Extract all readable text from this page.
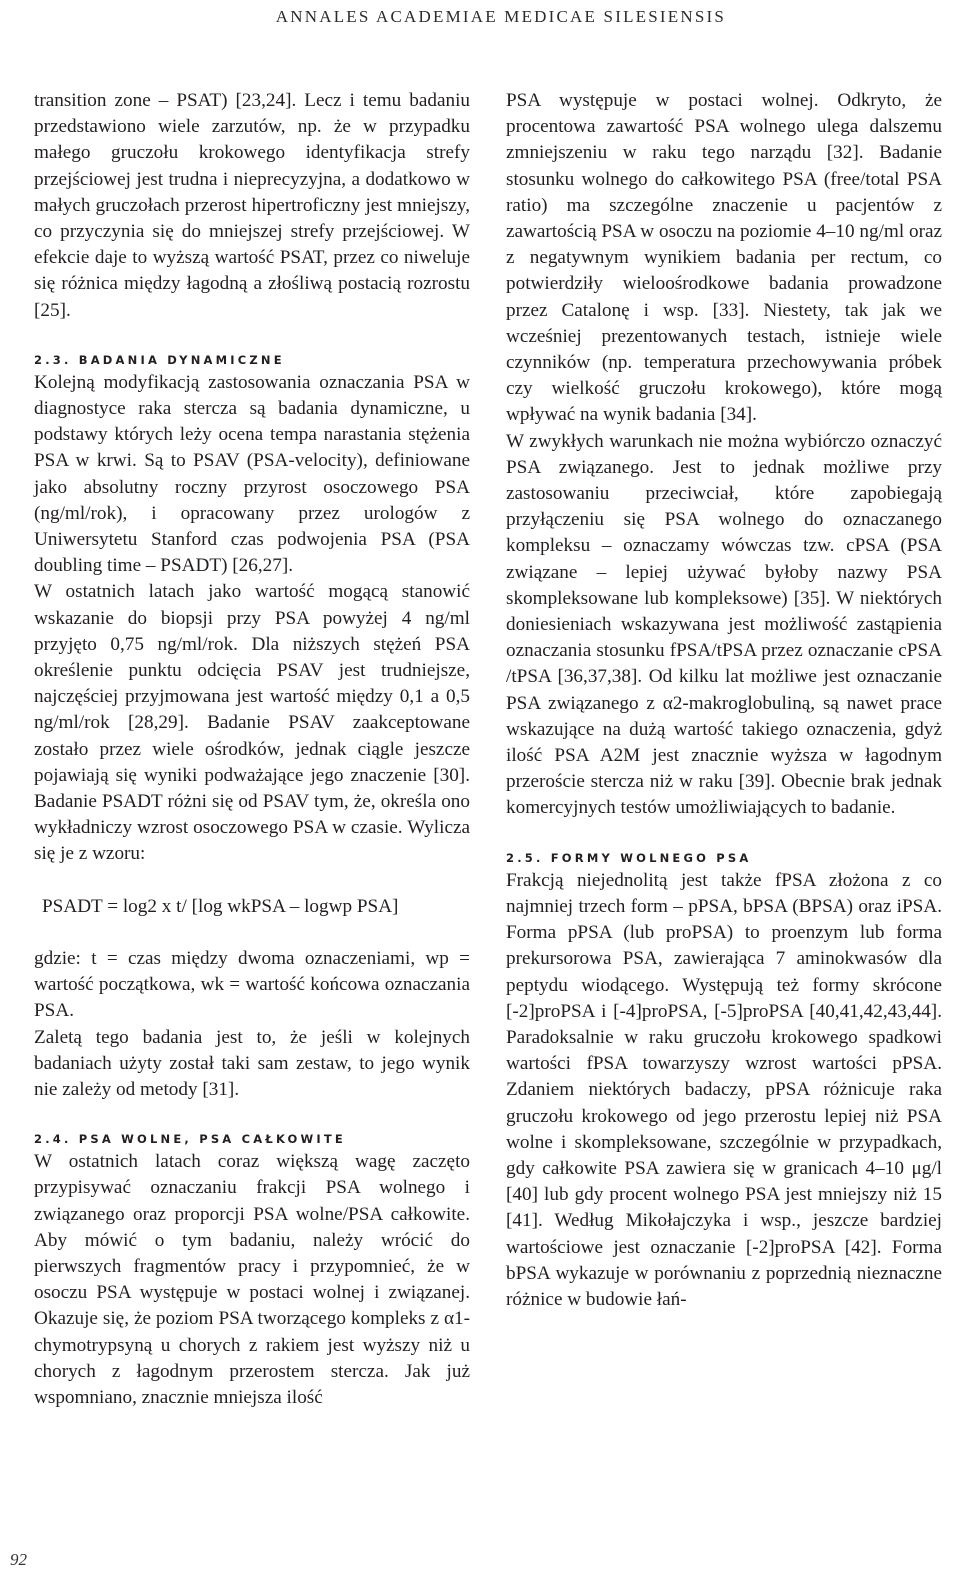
ANNALES ACADEMIAE MEDICAE SILESIENSIS

transition zone – PSAT) [23,24]. Lecz i temu badaniu przedstawiono wiele zarzutów, np. że w przypadku małego gruczołu krokowego identyfikacja strefy przejściowej jest trudna i nieprecyzyjna, a dodatkowo w małych gruczołach przerost hipertroficzny jest mniejszy, co przyczynia się do mniejszej strefy przejściowej. W efekcie daje to wyższą wartość PSAT, przez co niweluje się różnica między łagodną a złośliwą postacią rozrostu [25].

2.3. BADANIA DYNAMICZNE

Kolejną modyfikacją zastosowania oznaczania PSA w diagnostyce raka stercza są badania dynamiczne, u podstawy których leży ocena tempa narastania stężenia PSA w krwi. Są to PSAV (PSA-velocity), definiowane jako absolutny roczny przyrost osoczowego PSA (ng/ml/rok), i opracowany przez urologów z Uniwersytetu Stanford czas podwojenia PSA (PSA doubling time – PSADT) [26,27].

W ostatnich latach jako wartość mogącą stanowić wskazanie do biopsji przy PSA powyżej 4 ng/ml przyjęto 0,75 ng/ml/rok. Dla niższych stężeń PSA określenie punktu odcięcia PSAV jest trudniejsze, najczęściej przyjmowana jest wartość między 0,1 a 0,5 ng/ml/rok [28,29]. Badanie PSAV zaakceptowane zostało przez wiele ośrodków, jednak ciągle jeszcze pojawiają się wyniki podważające jego znaczenie [30]. Badanie PSADT różni się od PSAV tym, że, określa ono wykładniczy wzrost osoczowego PSA w czasie. Wylicza się je z wzoru:

PSADT = log2 x t/ [log wkPSA – logwp PSA]

gdzie: t = czas między dwoma oznaczeniami, wp = wartość początkowa, wk = wartość końcowa oznaczania PSA.

Zaletą tego badania jest to, że jeśli w kolejnych badaniach użyty został taki sam zestaw, to jego wynik nie zależy od metody [31].

2.4. PSA WOLNE, PSA CAŁKOWITE

W ostatnich latach coraz większą wagę zaczęto przypisywać oznaczaniu frakcji PSA wolnego i związanego oraz proporcji PSA wolne/PSA całkowite. Aby mówić o tym badaniu, należy wrócić do pierwszych fragmentów pracy i przypomnieć, że w osoczu PSA występuje w postaci wolnej i związanej. Okazuje się, że poziom PSA tworzącego kompleks z α1-chymotrypsyną u chorych z rakiem jest wyższy niż u chorych z łagodnym przerostem stercza. Jak już wspomniano, znacznie mniejsza ilość

PSA występuje w postaci wolnej. Odkryto, że procentowa zawartość PSA wolnego ulega dalszemu zmniejszeniu w raku tego narządu [32]. Badanie stosunku wolnego do całkowitego PSA (free/total PSA ratio) ma szczególne znaczenie u pacjentów z zawartością PSA w osoczu na poziomie 4–10 ng/ml oraz z negatywnym wynikiem badania per rectum, co potwierdziły wieloośrodkowe badania prowadzone przez Catalonę i wsp. [33]. Niestety, tak jak we wcześniej prezentowanych testach, istnieje wiele czynników (np. temperatura przechowywania próbek czy wielkość gruczołu krokowego), które mogą wpływać na wynik badania [34].

W zwykłych warunkach nie można wybiórczo oznaczyć PSA związanego. Jest to jednak możliwe przy zastosowaniu przeciwciał, które zapobiegają przyłączeniu się PSA wolnego do oznaczanego kompleksu – oznaczamy wówczas tzw. cPSA (PSA związane – lepiej używać byłoby nazwy PSA skompleksowane lub kompleksowe) [35]. W niektórych doniesieniach wskazywana jest możliwość zastąpienia oznaczania stosunku fPSA/tPSA przez oznaczanie cPSA /tPSA [36,37,38]. Od kilku lat możliwe jest oznaczanie PSA związanego z α2-makroglobuliną, są nawet prace wskazujące na dużą wartość takiego oznaczenia, gdyż ilość PSA A2M jest znacznie wyższa w łagodnym przeroście stercza niż w raku [39]. Obecnie brak jednak komercyjnych testów umożliwiających to badanie.

2.5. FORMY WOLNEGO PSA

Frakcją niejednolitą jest także fPSA złożona z co najmniej trzech form – pPSA, bPSA (BPSA) oraz iPSA. Forma pPSA (lub proPSA) to proenzym lub forma prekursorowa PSA, zawierająca 7 aminokwasów dla peptydu wiodącego. Występują też formy skrócone [-2]proPSA i [-4]proPSA, [-5]proPSA [40,41,42,43,44]. Paradoksalnie w raku gruczołu krokowego spadkowi wartości fPSA towarzyszy wzrost wartości pPSA. Zdaniem niektórych badaczy, pPSA różnicuje raka gruczołu krokowego od jego przerostu lepiej niż PSA wolne i skompleksowane, szczególnie w przypadkach, gdy całkowite PSA zawiera się w granicach 4–10 μg/l [40] lub gdy procent wolnego PSA jest mniejszy niż 15 [41]. Według Mikołajczyka i wsp., jeszcze bardziej wartościowe jest oznaczanie [-2]proPSA [42]. Forma bPSA wykazuje w porównaniu z poprzednią nieznaczne różnice w budowie łań-

92
